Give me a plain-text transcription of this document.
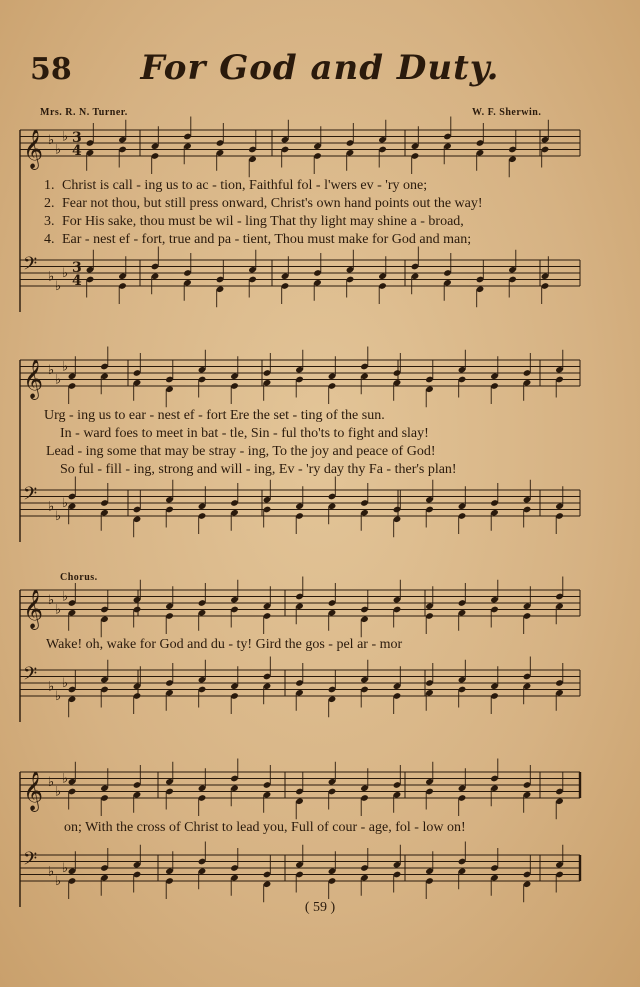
58	For God and Duty.
Mrs. R. N. Turner.	W. F. Sherwin.
𝄞 ♭
♭
♭ 3
4
𝄢 ♭
♭
♭ 3
4
𝄞 ♭
♭
♭
𝄢 ♭
♭
♭
𝄞 ♭
♭
♭
𝄢 ♭
♭
♭
𝄞 ♭
♭
♭
𝄢 ♭
♭
♭
1. Christ is call - ing us to ac - tion, Faithful fol - l'wers ev - 'ry one;
2. Fear not thou, but still press onward, Christ's own hand points out the way!
3. For His sake, thou must be wil - ling That thy light may shine a - broad,
4. Ear - nest ef - fort, true and pa - tient, Thou must make for God and man;
Urg - ing us to ear - nest ef - fort Ere the set - ting of the sun.
In - ward foes to meet in bat - tle, Sin - ful tho'ts to fight and slay!
Lead - ing some that may be stray - ing, To the joy and peace of God!
So ful - fill - ing, strong and will - ing, Ev - 'ry day thy Fa - ther's plan!
Chorus.
Wake! oh, wake for God and du - ty! Gird the gos - pel ar - mor
on; With the cross of Christ to lead you, Full of cour - age, fol - low on!
( 59 )
